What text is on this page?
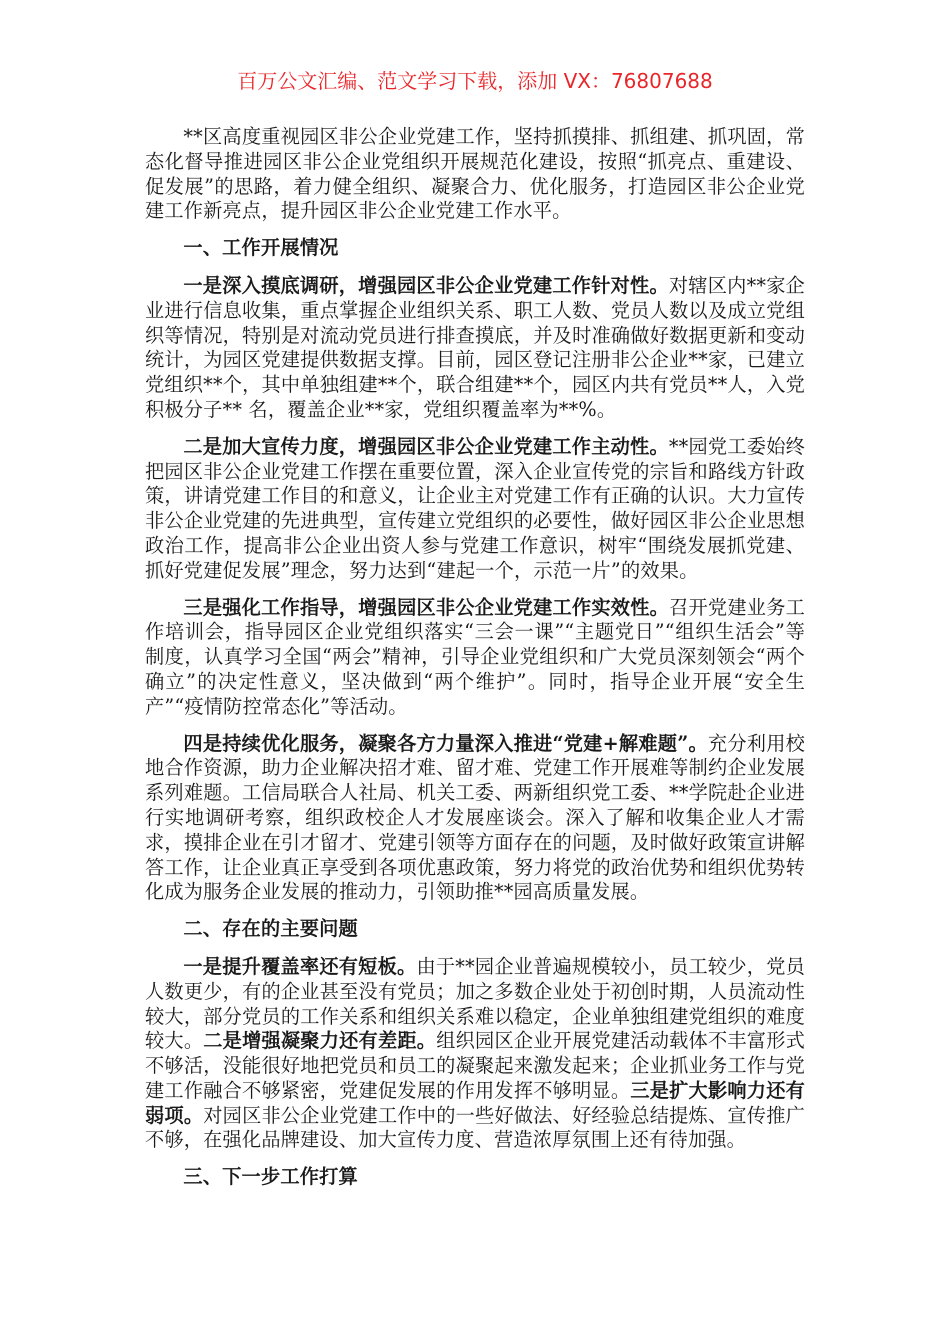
百万公文汇编、范文学习下载，添加 VX：76807688

**区高度重视园区非公企业党建工作，坚持抓摸排、抓组建、抓巩固，常态化督导推进园区非公企业党组织开展规范化建设，按照“抓亮点、重建设、促发展”的思路，着力健全组织、凝聚合力、优化服务，打造园区非公企业党建工作新亮点，提升园区非公企业党建工作水平。

一、工作开展情况

一是深入摸底调研，增强园区非公企业党建工作针对性。对辖区内**家企业进行信息收集，重点掌握企业组织关系、职工人数、党员人数以及成立党组织等情况，特别是对流动党员进行排查摸底，并及时准确做好数据更新和变动统计，为园区党建提供数据支撑。目前，园区登记注册非公企业**家，已建立党组织**个，其中单独组建**个，联合组建**个，园区内共有党员**人，入党积极分子** 名，覆盖企业**家，党组织覆盖率为**%。

二是加大宣传力度，增强园区非公企业党建工作主动性。**园党工委始终把园区非公企业党建工作摆在重要位置，深入企业宣传党的宗旨和路线方针政策，讲请党建工作目的和意义，让企业主对党建工作有正确的认识。大力宣传非公企业党建的先进典型，宣传建立党组织的必要性，做好园区非公企业思想政治工作，提高非公企业出资人参与党建工作意识，树牢“围绕发展抓党建、抓好党建促发展”理念，努力达到“建起一个，示范一片”的效果。

三是强化工作指导，增强园区非公企业党建工作实效性。召开党建业务工作培训会，指导园区企业党组织落实“三会一课”“主题党日”“组织生活会”等制度，认真学习全国“两会”精神，引导企业党组织和广大党员深刻领会“两个确立”的决定性意义，坚决做到“两个维护”。同时，指导企业开展“安全生产”“疫情防控常态化”等活动。

四是持续优化服务，凝聚各方力量深入推进“党建+解难题”。充分利用校地合作资源，助力企业解决招才难、留才难、党建工作开展难等制约企业发展系列难题。工信局联合人社局、机关工委、两新组织党工委、**学院赴企业进行实地调研考察，组织政校企人才发展座谈会。深入了解和收集企业人才需求，摸排企业在引才留才、党建引领等方面存在的问题，及时做好政策宣讲解答工作，让企业真正享受到各项优惠政策，努力将党的政治优势和组织优势转化成为服务企业发展的推动力，引领助推**园高质量发展。

二、存在的主要问题

一是提升覆盖率还有短板。由于**园企业普遍规模较小，员工较少，党员人数更少，有的企业甚至没有党员；加之多数企业处于初创时期，人员流动性较大，部分党员的工作关系和组织关系难以稳定，企业单独组建党组织的难度较大。二是增强凝聚力还有差距。组织园区企业开展党建活动载体不丰富形式不够活，没能很好地把党员和员工的凝聚起来激发起来；企业抓业务工作与党建工作融合不够紧密，党建促发展的作用发挥不够明显。三是扩大影响力还有弱项。对园区非公企业党建工作中的一些好做法、好经验总结提炼、宣传推广不够，在强化品牌建设、加大宣传力度、营造浓厚氛围上还有待加强。

三、下一步工作打算
